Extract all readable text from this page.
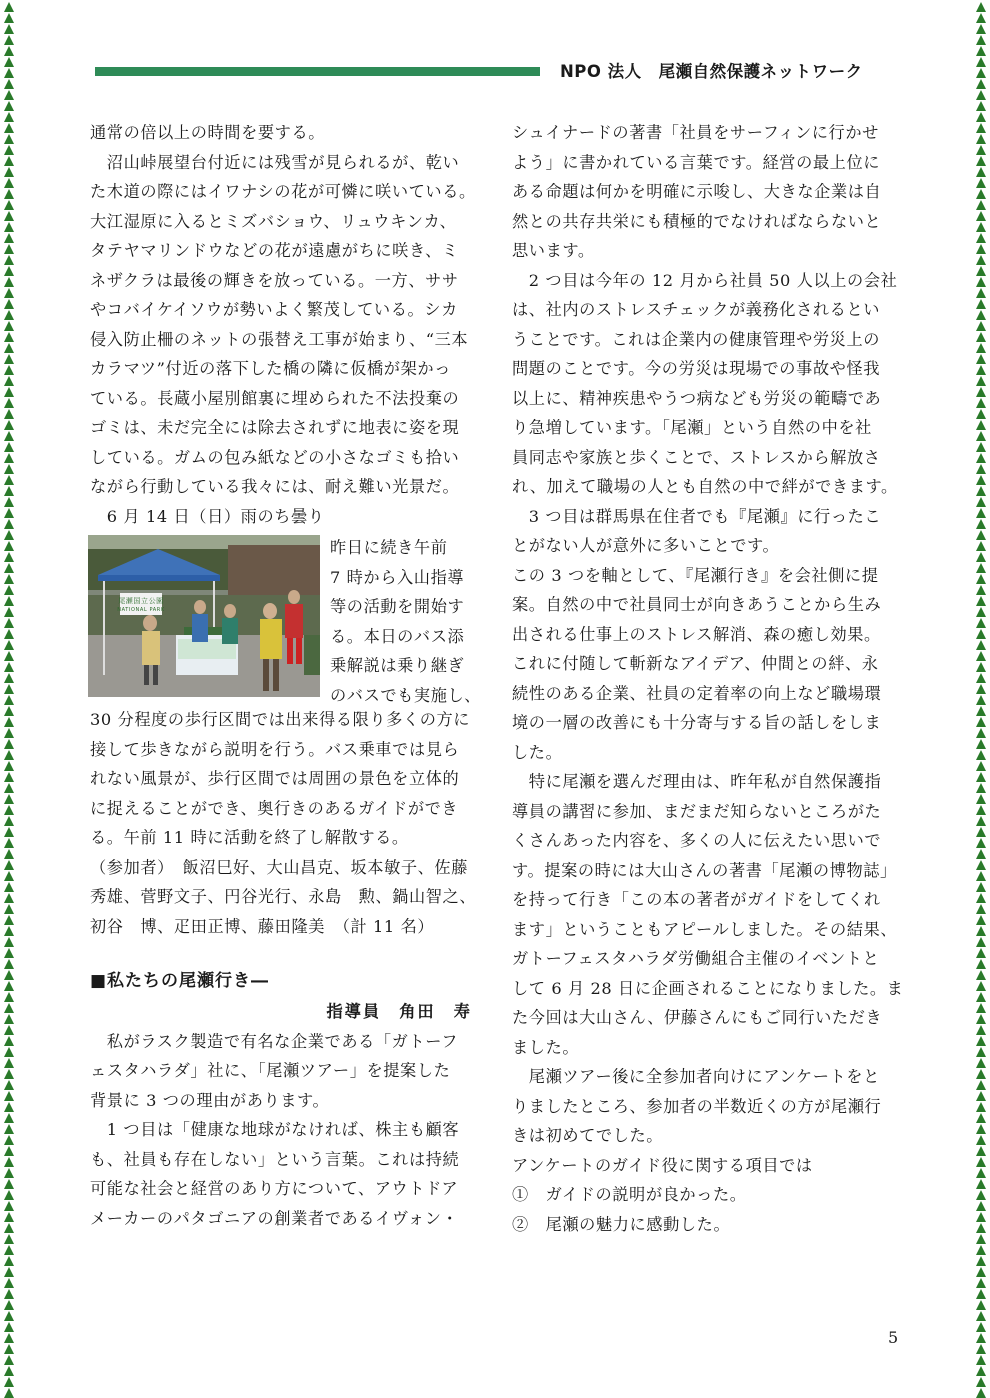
NPO 法人　尾瀬自然保護ネットワーク
通常の倍以上の時間を要する。
　沼山峠展望台付近には残雪が見られるが、乾い
た木道の際にはイワナシの花が可憐に咲いている。
大江湿原に入るとミズバショウ、リュウキンカ、
タテヤマリンドウなどの花が遠慮がちに咲き、ミ
ネザクラは最後の輝きを放っている。一方、ササ
やコバイケイソウが勢いよく繁茂している。シカ
侵入防止柵のネットの張替え工事が始まり、“三本
カラマツ”付近の落下した橋の隣に仮橋が架かっ
ている。長蔵小屋別館裏に埋められた不法投棄の
ゴミは、未だ完全には除去されずに地表に姿を現
している。ガムの包み紙などの小さなゴミも拾い
ながら行動している我々には、耐え難い光景だ。
　6 月 14 日（日）雨のち曇り
尾瀬国立公園
NATIONAL PARK
昨日に続き午前
7 時から入山指導
等の活動を開始す
る。本日のバス添
乗解説は乗り継ぎ
のバスでも実施し、
30 分程度の歩行区間では出来得る限り多くの方に
接して歩きながら説明を行う。バス乗車では見ら
れない風景が、歩行区間では周囲の景色を立体的
に捉えることができ、奥行きのあるガイドができ
る。午前 11 時に活動を終了し解散する。
（参加者）　飯沼巳好、大山昌克、坂本敏子、佐藤
秀雄、菅野文子、円谷光行、永島　勲、鍋山智之、
初谷　博、疋田正博、藤田隆美　（計 11 名）
■私たちの尾瀬行き―
指導員　角田　寿
　私がラスク製造で有名な企業である「ガトーフ
ェスタハラダ」社に、「尾瀬ツアー」を提案した
背景に 3 つの理由があります。
　1 つ目は「健康な地球がなければ、株主も顧客
も、社員も存在しない」という言葉。これは持続
可能な社会と経営のあり方について、アウトドア
メーカーのパタゴニアの創業者であるイヴォン・
シュイナードの著書「社員をサーフィンに行かせ
よう」に書かれている言葉です。経営の最上位に
ある命題は何かを明確に示唆し、大きな企業は自
然との共存共栄にも積極的でなければならないと
思います。
　2 つ目は今年の 12 月から社員 50 人以上の会社
は、社内のストレスチェックが義務化されるとい
うことです。これは企業内の健康管理や労災上の
問題のことです。今の労災は現場での事故や怪我
以上に、精神疾患やうつ病なども労災の範疇であ
り急増しています。「尾瀬」という自然の中を社
員同志や家族と歩くことで、ストレスから解放さ
れ、加えて職場の人とも自然の中で絆ができます。
　3 つ目は群馬県在住者でも『尾瀬』に行ったこ
とがない人が意外に多いことです。
この 3 つを軸として、『尾瀬行き』を会社側に提
案。自然の中で社員同士が向きあうことから生み
出される仕事上のストレス解消、森の癒し効果。
これに付随して斬新なアイデア、仲間との絆、永
続性のある企業、社員の定着率の向上など職場環
境の一層の改善にも十分寄与する旨の話しをしま
した。
　特に尾瀬を選んだ理由は、昨年私が自然保護指
導員の講習に参加、まだまだ知らないところがた
くさんあった内容を、多くの人に伝えたい思いで
す。提案の時には大山さんの著書「尾瀬の博物誌」
を持って行き「この本の著者がガイドをしてくれ
ます」ということもアピールしました。その結果、
ガトーフェスタハラダ労働組合主催のイベントと
して 6 月 28 日に企画されることになりました。ま
た今回は大山さん、伊藤さんにもご同行いただき
ました。
　尾瀬ツアー後に全参加者向けにアンケートをと
りましたところ、参加者の半数近くの方が尾瀬行
きは初めてでした。
アンケートのガイド役に関する項目では
①　ガイドの説明が良かった。
②　尾瀬の魅力に感動した。
5
